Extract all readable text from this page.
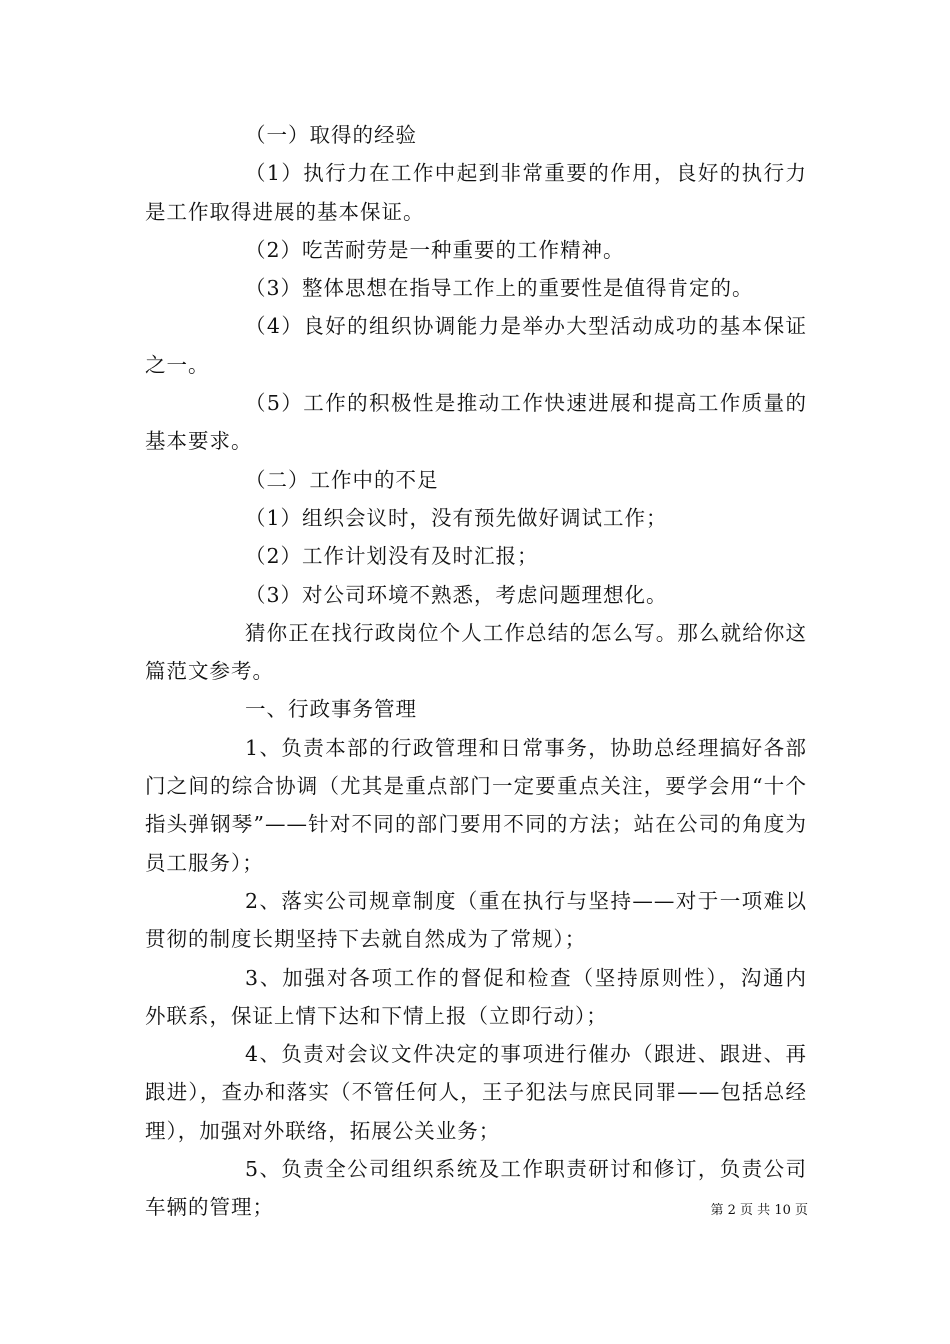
（一）取得的经验

（1）执行力在工作中起到非常重要的作用，良好的执行力是工作取得进展的基本保证。

（2）吃苦耐劳是一种重要的工作精神。

（3）整体思想在指导工作上的重要性是值得肯定的。

（4）良好的组织协调能力是举办大型活动成功的基本保证之一。

（5）工作的积极性是推动工作快速进展和提高工作质量的基本要求。

（二）工作中的不足

（1）组织会议时，没有预先做好调试工作；

（2）工作计划没有及时汇报；

（3）对公司环境不熟悉，考虑问题理想化。

猜你正在找行政岗位个人工作总结的怎么写。那么就给你这篇范文参考。

一、行政事务管理

1、负责本部的行政管理和日常事务，协助总经理搞好各部门之间的综合协调（尤其是重点部门一定要重点关注，要学会用“十个指头弹钢琴”——针对不同的部门要用不同的方法；站在公司的角度为员工服务）；

2、落实公司规章制度（重在执行与坚持——对于一项难以贯彻的制度长期坚持下去就自然成为了常规）；

3、加强对各项工作的督促和检查（坚持原则性），沟通内外联系，保证上情下达和下情上报（立即行动）；

4、负责对会议文件决定的事项进行催办（跟进、跟进、再跟进），查办和落实（不管任何人，王子犯法与庶民同罪——包括总经理），加强对外联络，拓展公关业务；

5、负责全公司组织系统及工作职责研讨和修订，负责公司车辆的管理；	第 2 页 共 10 页
